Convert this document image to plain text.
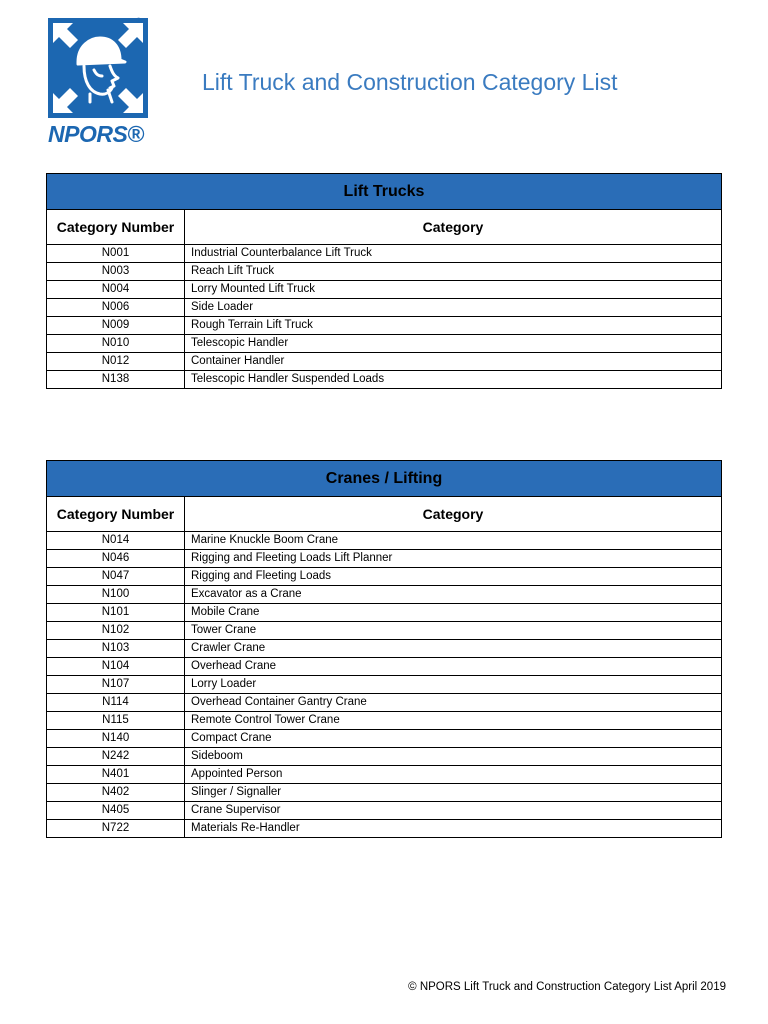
®
NPORS®
Lift Truck and Construction Category List
Lift Trucks	
Category Number	Category
N001	Industrial Counterbalance Lift Truck
N003	Reach Lift Truck
N004	Lorry Mounted Lift Truck
N006	Side Loader
N009	Rough Terrain Lift Truck
N010	Telescopic Handler
N012	Container Handler
N138	Telescopic Handler Suspended Loads
Cranes / Lifting	
Category Number	Category
N014	Marine Knuckle Boom Crane
N046	Rigging and Fleeting Loads Lift Planner
N047	Rigging and Fleeting Loads
N100	Excavator as a Crane
N101	Mobile Crane
N102	Tower Crane
N103	Crawler Crane
N104	Overhead Crane
N107	Lorry Loader
N114	Overhead Container Gantry Crane
N115	Remote Control Tower Crane
N140	Compact Crane
N242	Sideboom
N401	Appointed Person
N402	Slinger / Signaller
N405	Crane Supervisor
N722	Materials Re-Handler
© NPORS Lift Truck and Construction Category List April 2019
